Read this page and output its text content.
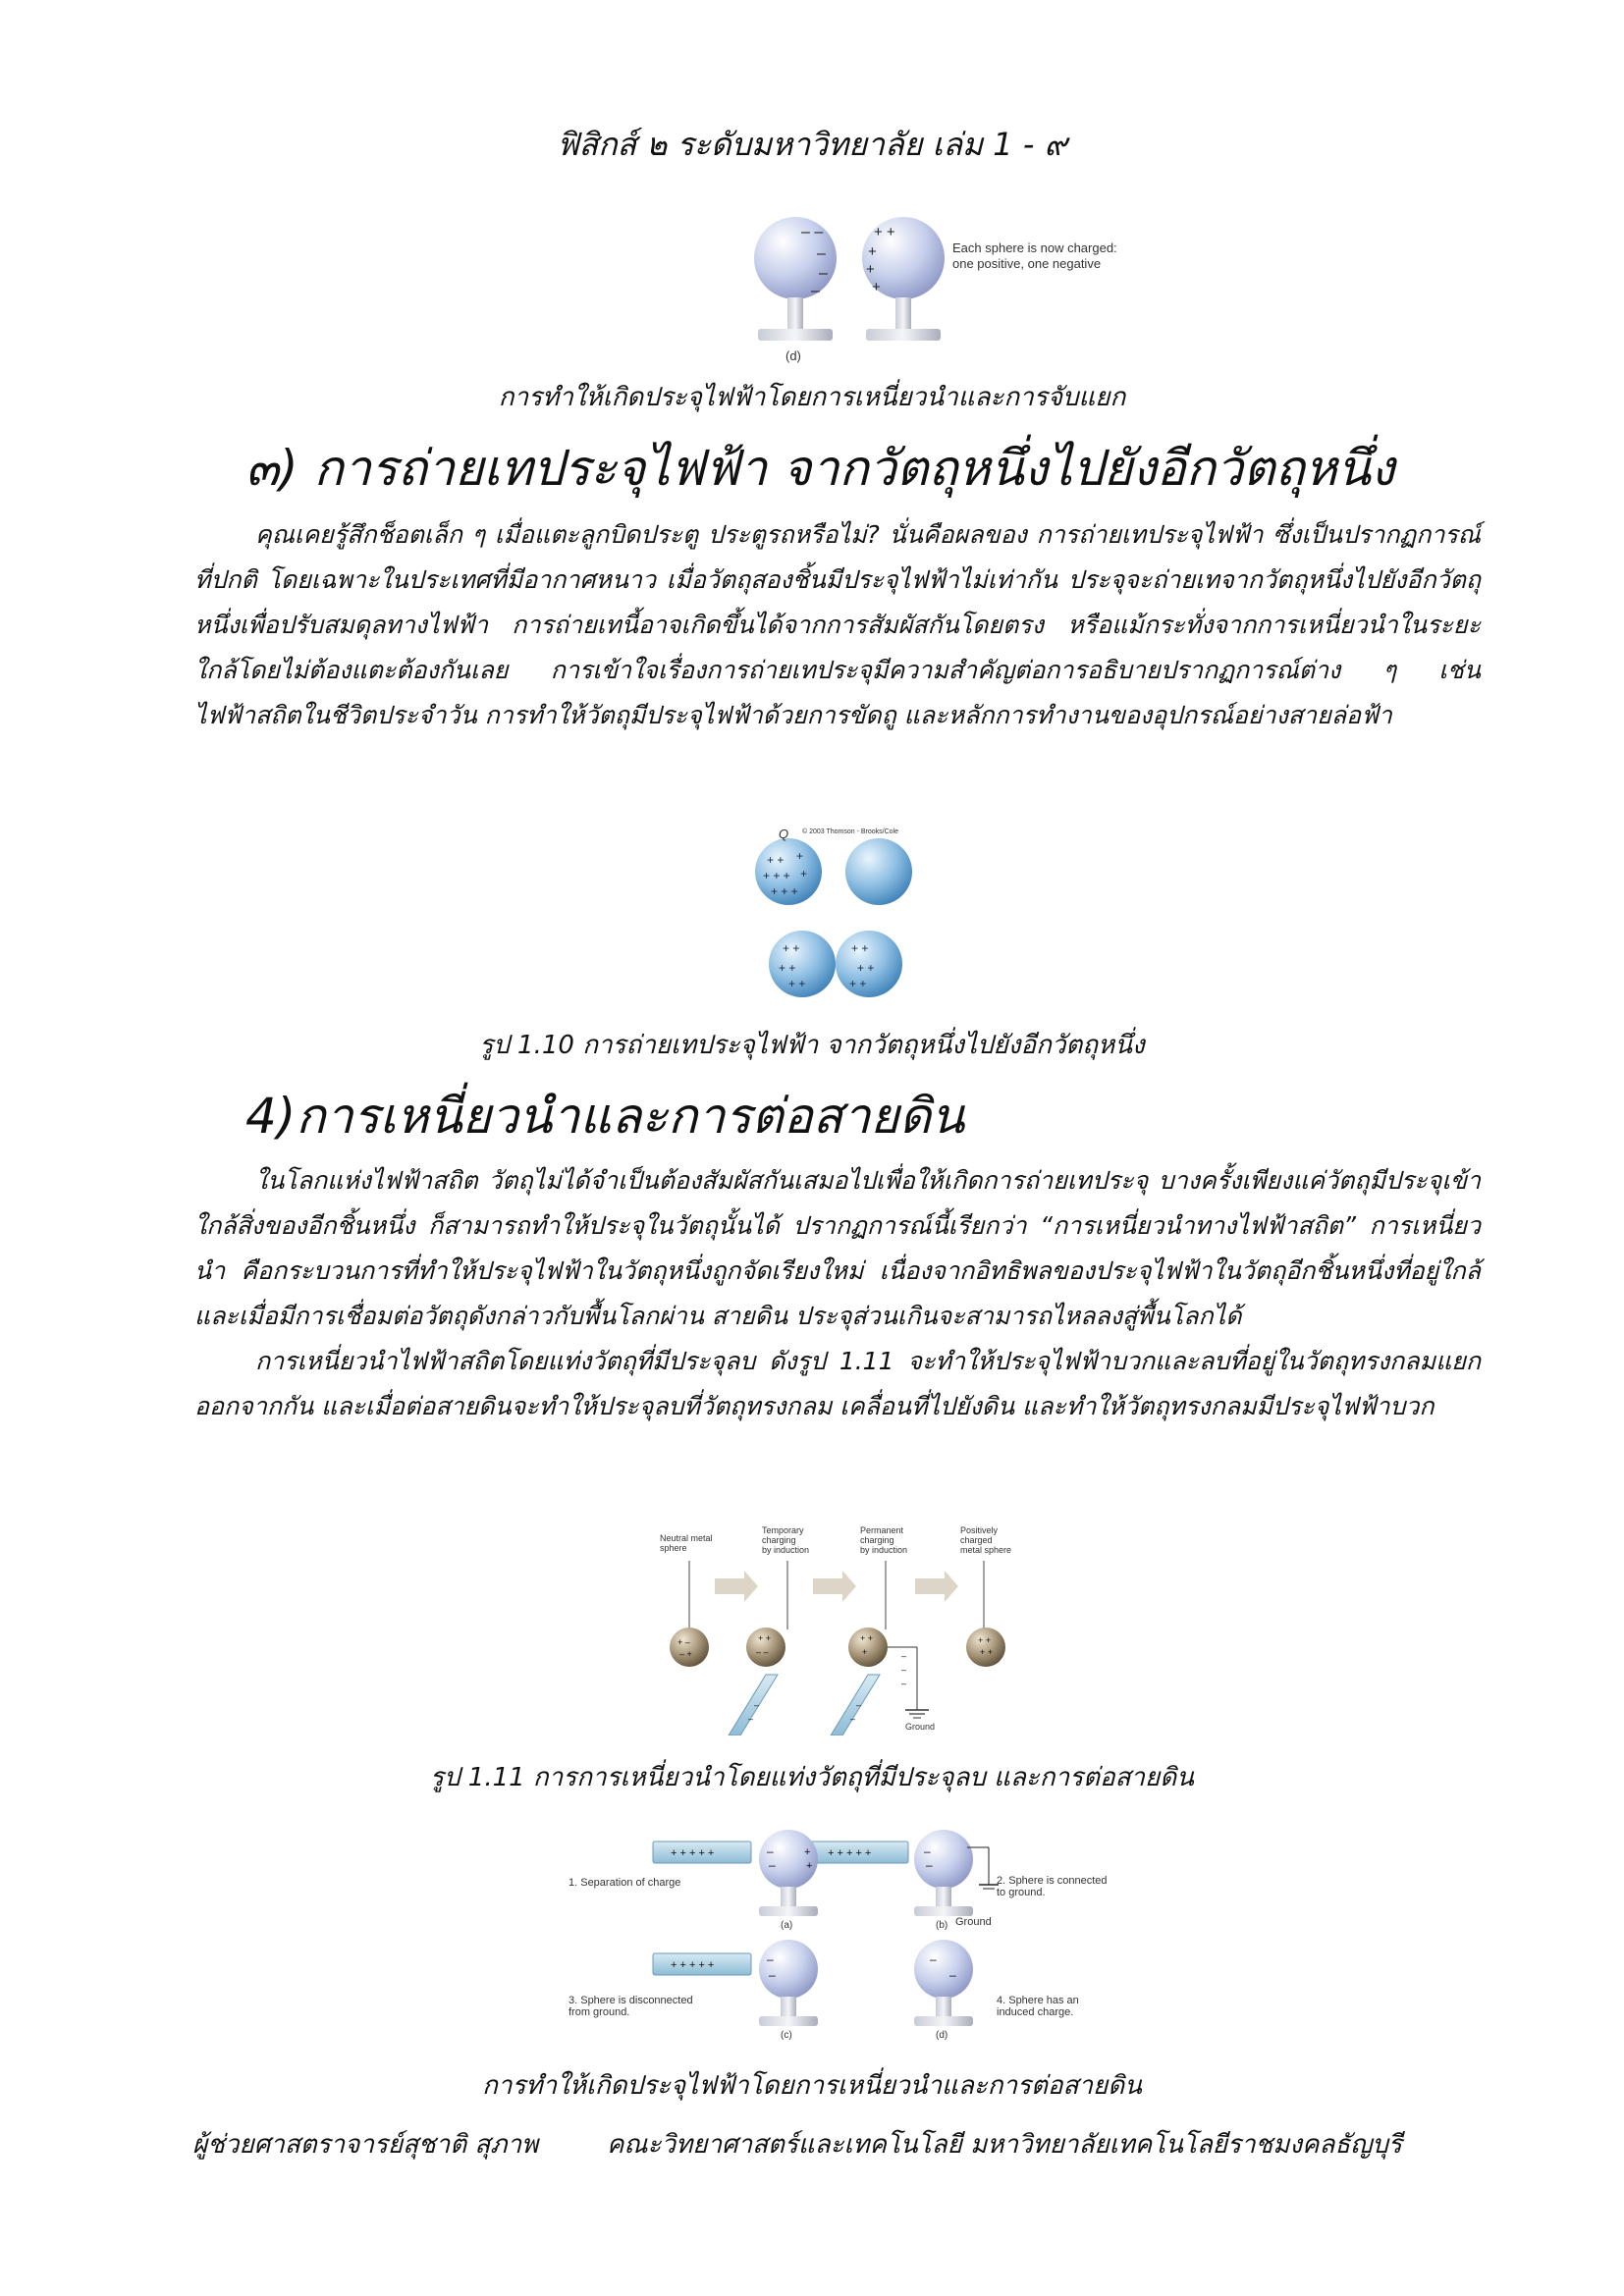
ฟิสิกส์ ๒ ระดับมหาวิทยาลัย เล่ม 1 - ๙
– –
–
–
–
+ +
+
+
+
(d)
Each sphere is now charged:
one positive, one negative
การทำให้เกิดประจุไฟฟ้าโดยการเหนี่ยวนำและการจับแยก
๓) การถ่ายเทประจุไฟฟ้า จากวัตถุหนึ่งไปยังอีกวัตถุหนึ่ง

คุณเคยรู้สึกช็อตเล็ก ๆ เมื่อแตะลูกบิดประตู ประตูรถหรือไม่? นั่นคือผลของ การถ่ายเทประจุไฟฟ้า ซึ่งเป็นปรากฏการณ์ที่ปกติ โดยเฉพาะในประเทศที่มีอากาศหนาว เมื่อวัตถุสองชิ้นมีประจุไฟฟ้าไม่เท่ากัน ประจุจะถ่ายเทจากวัตถุหนึ่งไปยังอีกวัตถุหนึ่งเพื่อปรับสมดุลทางไฟฟ้า การถ่ายเทนี้อาจเกิดขึ้นได้จากการสัมผัสกันโดยตรง หรือแม้กระทั่งจากการเหนี่ยวนำในระยะใกล้โดยไม่ต้องแตะต้องกันเลย การเข้าใจเรื่องการถ่ายเทประจุมีความสำคัญต่อการอธิบายปรากฏการณ์ต่าง ๆ เช่น ไฟฟ้าสถิตในชีวิตประจำวัน การทำให้วัตถุมีประจุไฟฟ้าด้วยการขัดถู และหลักการทำงานของอุปกรณ์อย่างสายล่อฟ้า

+ + +
+ + + +
+ + +
+ +
+ +
+ +
+ +
+ +
+ +
Q © 2003 Thomson - Brooks/Cole
รูป 1.10 การถ่ายเทประจุไฟฟ้า จากวัตถุหนึ่งไปยังอีกวัตถุหนึ่ง
4)การเหนี่ยวนำและการต่อสายดิน

ในโลกแห่งไฟฟ้าสถิต วัตถุไม่ได้จำเป็นต้องสัมผัสกันเสมอไปเพื่อให้เกิดการถ่ายเทประจุ บางครั้งเพียงแค่วัตถุมีประจุเข้าใกล้สิ่งของอีกชิ้นหนึ่ง ก็สามารถทำให้ประจุในวัตถุนั้นได้ ปรากฏการณ์นี้เรียกว่า “การเหนี่ยวนำทางไฟฟ้าสถิต” การเหนี่ยวนำ คือกระบวนการที่ทำให้ประจุไฟฟ้าในวัตถุหนึ่งถูกจัดเรียงใหม่ เนื่องจากอิทธิพลของประจุไฟฟ้าในวัตถุอีกชิ้นหนึ่งที่อยู่ใกล้ และเมื่อมีการเชื่อมต่อวัตถุดังกล่าวกับพื้นโลกผ่าน สายดิน ประจุส่วนเกินจะสามารถไหลลงสู่พื้นโลกได้

การเหนี่ยวนำไฟฟ้าสถิตโดยแท่งวัตถุที่มีประจุลบ ดังรูป 1.11 จะทำให้ประจุไฟฟ้าบวกและลบที่อยู่ในวัตถุทรงกลมแยกออกจากกัน และเมื่อต่อสายดินจะทำให้ประจุลบที่วัตถุทรงกลม เคลื่อนที่ไปยังดิน และทำให้วัตถุทรงกลมมีประจุไฟฟ้าบวก

+ –
– +
+ +
– –
+ +
+
+ +
+ +
–
–
–
–
–
–
–
Neutral metal
sphere
Temporary
charging
by induction
Permanent
charging
by induction
Positively
charged
metal sphere
Ground
รูป 1.11 การการเหนี่ยวนำโดยแท่งวัตถุที่มีประจุลบ และการต่อสายดิน
+ + + + +	+ + + + +
+ + + + +
–
–
+
+
–
–
–
–
–
–
1. Separation of charge	2. Sphere is connected
to ground.
Ground
3. Sphere is disconnected
from ground.
4. Sphere has an
induced charge.
(a)	(b)
(c)	(d)
การทำให้เกิดประจุไฟฟ้าโดยการเหนี่ยวนำและการต่อสายดิน
ผู้ช่วยศาสตราจารย์สุชาติ สุภาพ	คณะวิทยาศาสตร์และเทคโนโลยี มหาวิทยาลัยเทคโนโลยีราชมงคลธัญบุรี
